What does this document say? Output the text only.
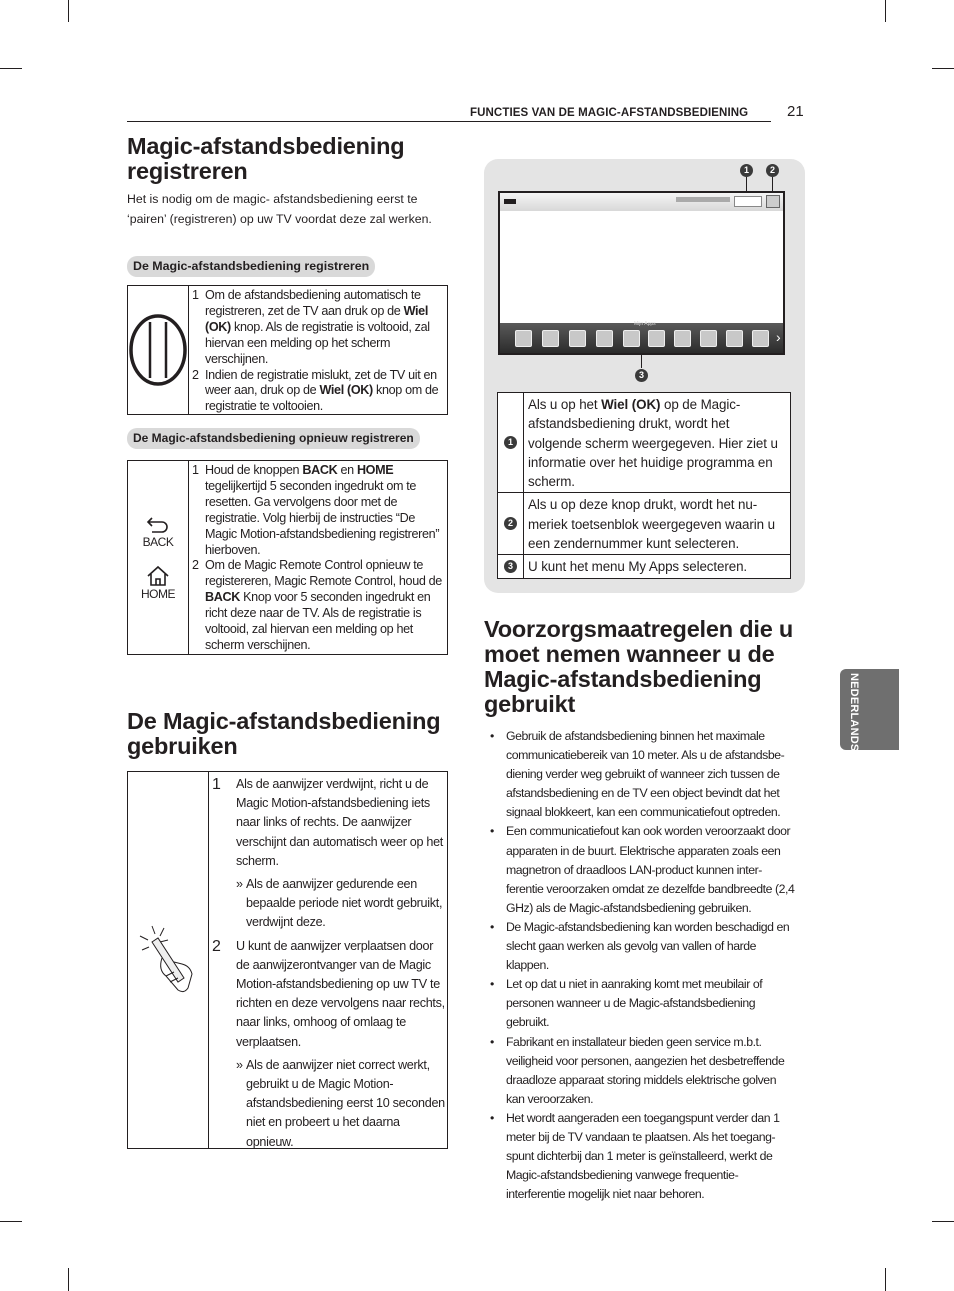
FUNCTIES VAN DE MAGIC-AFSTANDSBEDIENING	21
Magic-afstandsbediening
registreren

Het is nodig om de magic- afstandsbediening eerst te ‘pairen’ (registreren) op uw TV voordat deze zal werken.

De Magic-afstandsbediening registreren
1 Om de afstandsbediening automatisch te registreren, zet de TV aan druk op de Wiel (OK) knop. Als de registratie is voltooid, zal hiervan een melding op het scherm verschijnen.
2 Indien de registratie mislukt, zet de TV uit en weer aan, druk op de Wiel (OK) knop om de registratie te voltooien.
De Magic-afstandsbediening opnieuw registreren
BACK
HOME
1 Houd de knoppen BACK en HOME tegelijkertijd 5 seconden ingedrukt om te resetten. Ga vervolgens door met de registratie. Volg hierbij de instructies “De Magic Motion-afstandsbediening registreren” hierboven.
2 Om de Magic Remote Control opnieuw te registereren, Magic Remote Control, houd de BACK Knop voor 5 seconden ingedrukt en richt deze naar de TV. Als de registratie is voltooid, zal hiervan een melding op het scherm verschijnen.
De Magic-afstandsbediening
gebruiken
1	Als de aanwijzer verdwijnt, richt u de Magic Motion-afstandsbediening iets naar links of rechts. De aanwijzer verschijnt dan automatisch weer op het scherm.
» Als de aanwijzer gedurende een bepaalde periode niet wordt gebruikt, verdwijnt deze.
2	U kunt de aanwijzer verplaatsen door de aanwijzerontvanger van de Magic Motion-afstandsbediening op uw TV te richten en deze vervolgens naar rechts, naar links, omhoog of omlaag te verplaatsen.
» Als de aanwijzer niet correct werkt, gebruikt u de Magic Motion-afstandsbediening eerst 10 seconden niet en probeert u het daarna opnieuw.
1	2
Mijn Apps
›
3
1
Als u op het Wiel (OK) op de Magic-afstandsbediening drukt, wordt het volgende scherm weergegeven. Hier ziet u informatie over het huidige programma en scherm.
2
Als u op deze knop drukt, wordt het nu-meriek toetsenblok weergegeven waarin u een zendernummer kunt selecteren.
3 U kunt het menu My Apps selecteren.
Voorzorgsmaatregelen die u
moet nemen wanneer u de
Magic-afstandsbediening
gebruikt
• Gebruik de afstandsbediening binnen het maximale communicatiebereik van 10 meter. Als u de afstandsbe-diening verder weg gebruikt of wanneer zich tussen de afstandsbediening en de TV een object bevindt dat het signaal blokkeert, kan een communicatiefout optreden.
• Een communicatiefout kan ook worden veroorzaakt door apparaten in de buurt. Elektrische apparaten zoals een magnetron of draadloos LAN-product kunnen inter-ferentie veroorzaken omdat ze dezelfde bandbreedte (2,4 GHz) als de Magic-afstandsbediening gebruiken.
• De Magic-afstandsbediening kan worden beschadigd en slecht gaan werken als gevolg van vallen of harde klappen.
• Let op dat u niet in aanraking komt met meubilair of personen wanneer u de Magic-afstandsbediening gebruikt.
• Fabrikant en installateur bieden geen service m.b.t. veiligheid voor personen, aangezien het desbetreffende draadloze apparaat storing middels elektrische golven kan veroorzaken.
• Het wordt aangeraden een toegangspunt verder dan 1 meter bij de TV vandaan te plaatsen. Als het toegang-spunt dichterbij dan 1 meter is geïnstalleerd, werkt de Magic-afstandsbediening vanwege frequentie-interferentie mogelijk niet naar behoren.
NEDERLANDS
